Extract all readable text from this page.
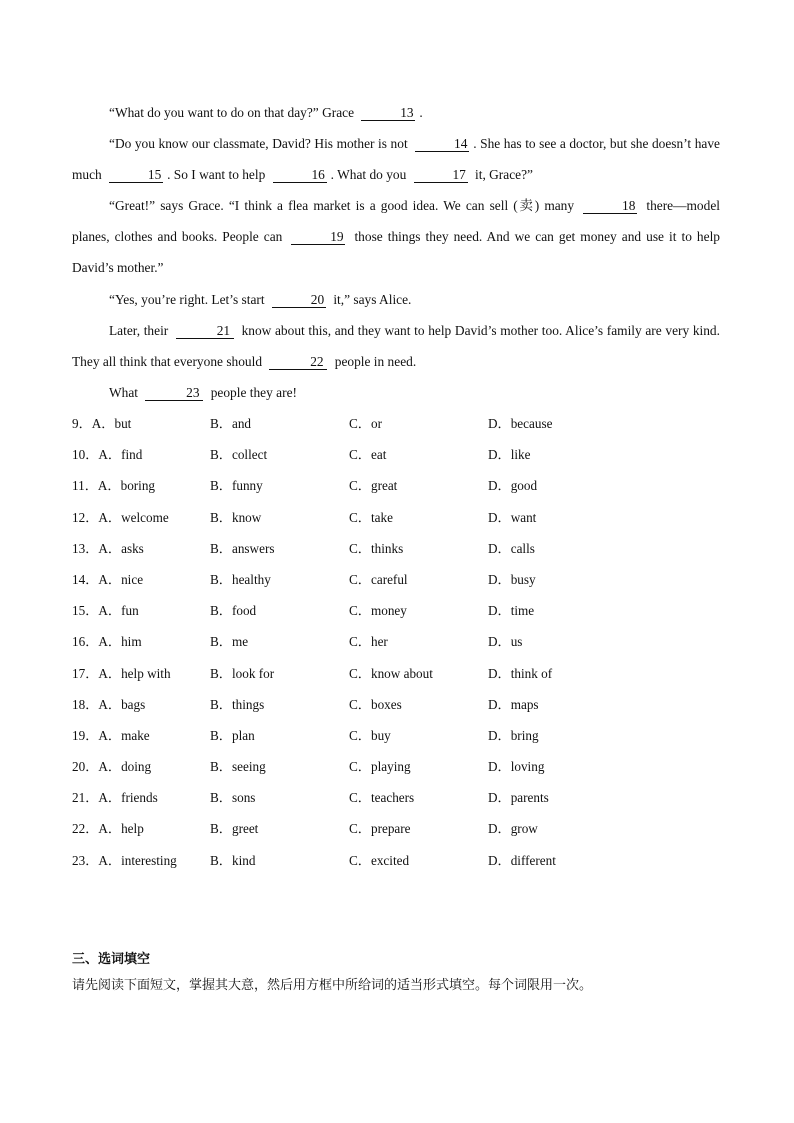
“What do you want to do on that day?” Grace	13 .
“Do you know our classmate, David? His mother is not	14 . She has to see a doctor, but she doesn’t have much	15 . So I want to help	16 . What do you	17 it, Grace?”
“Great!” says Grace. “I think a flea market is a good idea. We can sell (卖) many	18 there—model planes, clothes and books. People can	19 those things they need. And we can get money and use it to help David’s mother.”
“Yes, you’re right. Let’s start	20 it,” says Alice.
Later, their	21 know about this, and they want to help David’s mother too. Alice’s family are very kind. They all think that everyone should	22 people in need.
What	23 people they are!
9．A．but	B．and	C．or	D．because
10．A．find	B．collect	C．eat	D．like
11．A．boring	B．funny	C．great	D．good
12．A．welcome	B．know	C．take	D．want
13．A．asks	B．answers	C．thinks	D．calls
14．A．nice	B．healthy	C．careful	D．busy
15．A．fun	B．food	C．money	D．time
16．A．him	B．me	C．her	D．us
17．A．help with	B．look for	C．know about	D．think of
18．A．bags	B．things	C．boxes	D．maps
19．A．make	B．plan	C．buy	D．bring
20．A．doing	B．seeing	C．playing	D．loving
21．A．friends	B．sons	C．teachers	D．parents
22．A．help	B．greet	C．prepare	D．grow
23．A．interesting	B．kind	C．excited	D．different
三、选词填空
请先阅读下面短文，掌握其大意，然后用方框中所给词的适当形式填空。每个词限用一次。
